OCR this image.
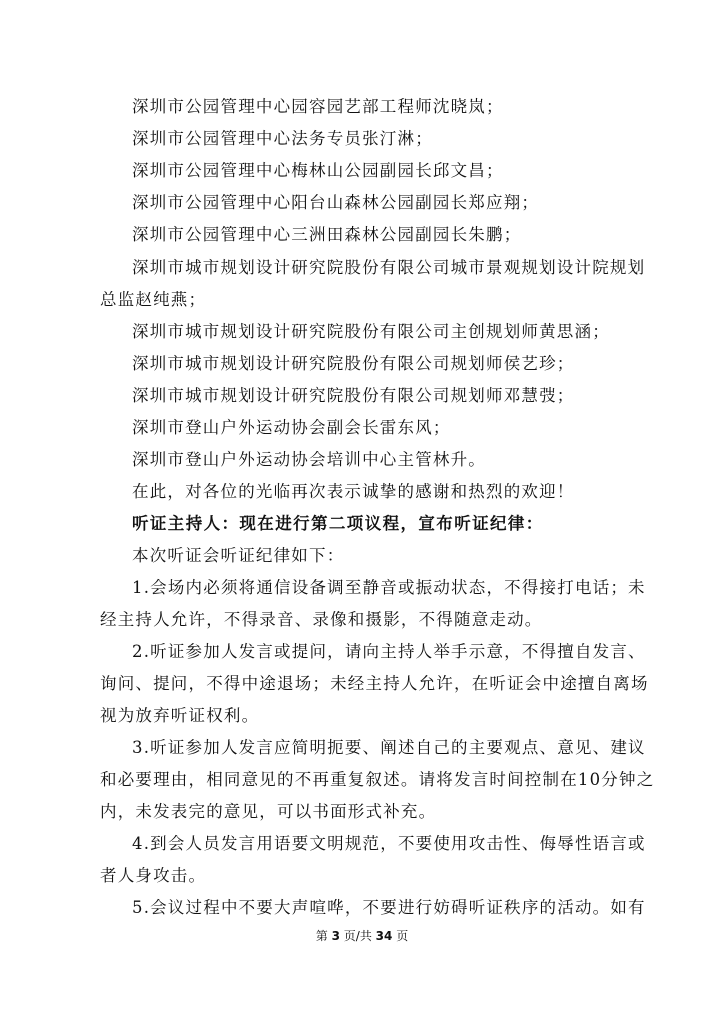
深圳市公园管理中心园容园艺部工程师沈晓岚；
深圳市公园管理中心法务专员张汀淋；
深圳市公园管理中心梅林山公园副园长邱文昌；
深圳市公园管理中心阳台山森林公园副园长郑应翔；
深圳市公园管理中心三洲田森林公园副园长朱鹏；
深圳市城市规划设计研究院股份有限公司城市景观规划设计院规划
总监赵纯燕；
深圳市城市规划设计研究院股份有限公司主创规划师黄思涵；
深圳市城市规划设计研究院股份有限公司规划师侯艺珍；
深圳市城市规划设计研究院股份有限公司规划师邓慧弢；
深圳市登山户外运动协会副会长雷东风；
深圳市登山户外运动协会培训中心主管林升。
在此，对各位的光临再次表示诚挚的感谢和热烈的欢迎！
听证主持人：现在进行第二项议程，宣布听证纪律：
本次听证会听证纪律如下：
1.会场内必须将通信设备调至静音或振动状态，不得接打电话；未
经主持人允许，不得录音、录像和摄影，不得随意走动。
2.听证参加人发言或提问，请向主持人举手示意，不得擅自发言、
询问、提问，不得中途退场；未经主持人允许，在听证会中途擅自离场
视为放弃听证权利。
3.听证参加人发言应简明扼要、阐述自己的主要观点、意见、建议
和必要理由，相同意见的不再重复叙述。请将发言时间控制在10分钟之
内，未发表完的意见，可以书面形式补充。
4.到会人员发言用语要文明规范，不要使用攻击性、侮辱性语言或
者人身攻击。
5.会议过程中不要大声喧哗，不要进行妨碍听证秩序的活动。如有
第 3 页/共 34 页
